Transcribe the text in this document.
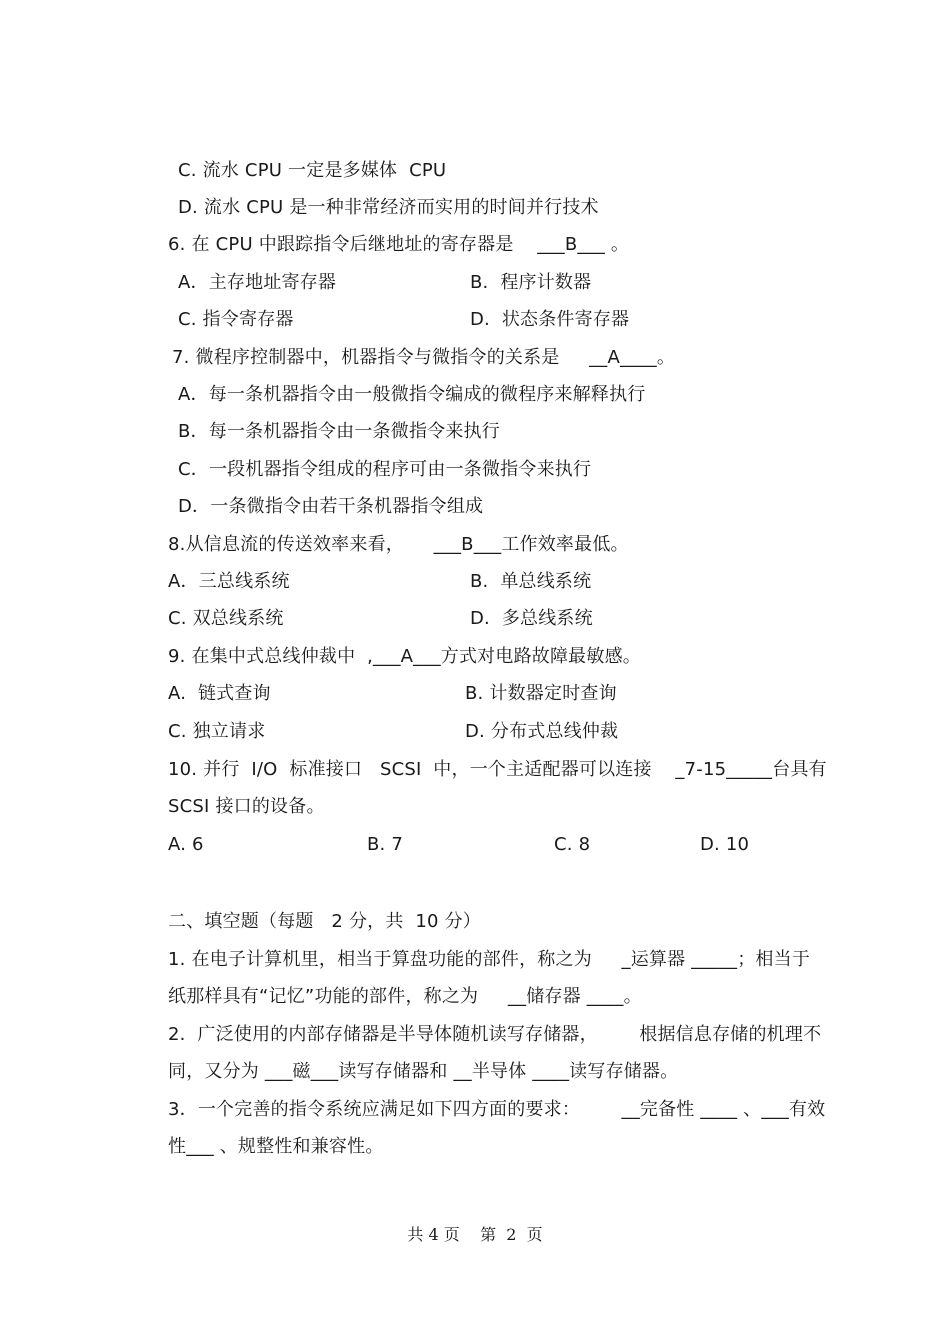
C. 流水 CPU 一定是多媒体  CPU
D. 流水 CPU 是一种非常经济而实用的时间并行技术
6. 在 CPU 中跟踪指令后继地址的寄存器是    ___B___ 。
A．主存地址寄存器	B.  程序计数器
C. 指令寄存器	D.  状态条件寄存器
7. 微程序控制器中，机器指令与微指令的关系是     __A____。
A．每一条机器指令由一般微指令编成的微程序来解释执行
B．每一条机器指令由一条微指令来执行
C．一段机器指令组成的程序可由一条微指令来执行
D．一条微指令由若干条机器指令组成
8.从信息流的传送效率来看，     ___B___工作效率最低。
A．三总线系统	B.  单总线系统
C. 双总线系统	D.  多总线系统
9. 在集中式总线仲裁中  ,___A___方式对电路故障最敏感。
A.  链式查询	B. 计数器定时查询
C. 独立请求	D. 分布式总线仲裁
10. 并行  I/O  标准接口   SCSI  中，一个主适配器可以连接    _7-15_____台具有
SCSI 接口的设备。
A. 6	B. 7	C. 8	D. 10
二、填空题（每题   2 分，共  10 分）
1. 在电子计算机里，相当于算盘功能的部件，称之为     _运算器 _____；相当于
纸那样具有“记忆”功能的部件，称之为     __储存器 ____。
2.  广泛使用的内部存储器是半导体随机读写存储器，       根据信息存储的机理不
同，又分为 ___磁___读写存储器和 __半导体 ____读写存储器。
3．一个完善的指令系统应满足如下四方面的要求：       __完备性 ____ 、___有效
性___ 、规整性和兼容性。
共 4 页    第  2  页
